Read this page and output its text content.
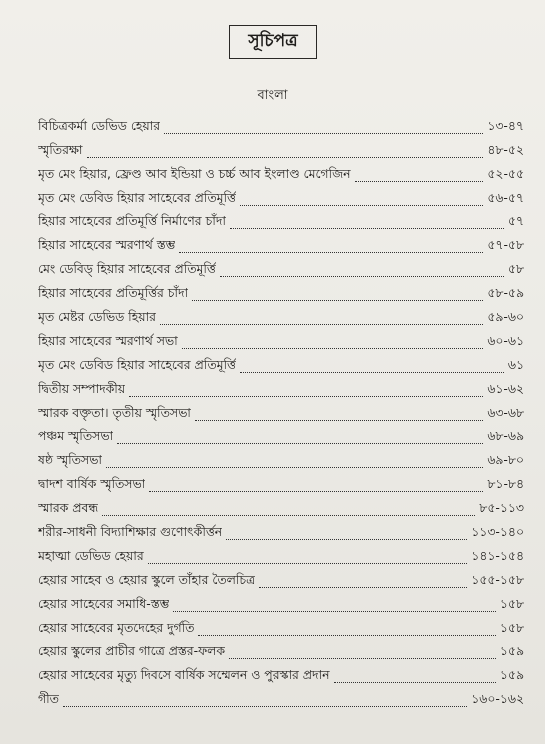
সূচিপত্র
বাংলা
বিচিত্রকর্মা ডেভিড হেয়ার	১৩-৪৭
স্মৃতিরক্ষা	৪৮-৫২
মৃত মেং হিয়ার, ফ্রেণ্ড আব ইন্ডিয়া ও চর্চ্চ আব ইংলাণ্ড মেগেজিন	৫২-৫৫
মৃত মেং ডেবিড হিয়ার সাহেবের প্রতিমূর্ত্তি	৫৬-৫৭
হিয়ার সাহেবের প্রতিমূর্ত্তি নির্মাণের চাঁদা	৫৭
হিয়ার সাহেবের স্মরণার্থ স্তম্ভ	৫৭-৫৮
মেং ডেবিড্ হিয়ার সাহেবের প্রতিমূর্ত্তি	৫৮
হিয়ার সাহেবের প্রতিমূর্ত্তির চাঁদা	৫৮-৫৯
মৃত মেষ্টর ডেভিড হিয়ার	৫৯-৬০
হিয়ার সাহেবের স্মরণার্থ সভা	৬০-৬১
মৃত মেং ডেবিড হিয়ার সাহেবের প্রতিমূর্ত্তি	৬১
দ্বিতীয় সম্পাদকীয়	৬১-৬২
স্মারক বক্তৃতা। তৃতীয় স্মৃতিসভা	৬৩-৬৮
পঞ্চম স্মৃতিসভা	৬৮-৬৯
ষষ্ঠ স্মৃতিসভা	৬৯-৮০
দ্বাদশ বার্ষিক স্মৃতিসভা	৮১-৮৪
স্মারক প্রবন্ধ	৮৫-১১৩
শরীর-সাধনী বিদ্যাশিক্ষার গুণোৎকীর্ত্তন	১১৩-১৪০
মহাত্মা ডেভিড হেয়ার	১৪১-১৫৪
হেয়ার সাহেব ও হেয়ার স্কুলে তাঁহার তৈলচিত্র	১৫৫-১৫৮
হেয়ার সাহেবের সমাধি-স্তম্ভ	১৫৮
হেয়ার সাহেবের মৃতদেহের দুর্গতি	১৫৮
হেয়ার স্কুলের প্রাচীর গাত্রে প্রস্তর-ফলক	১৫৯
হেয়ার সাহেবের মৃত্যু দিবসে বার্ষিক সম্মেলন ও পুরস্কার প্রদান	১৫৯
গীত	১৬০-১৬২
